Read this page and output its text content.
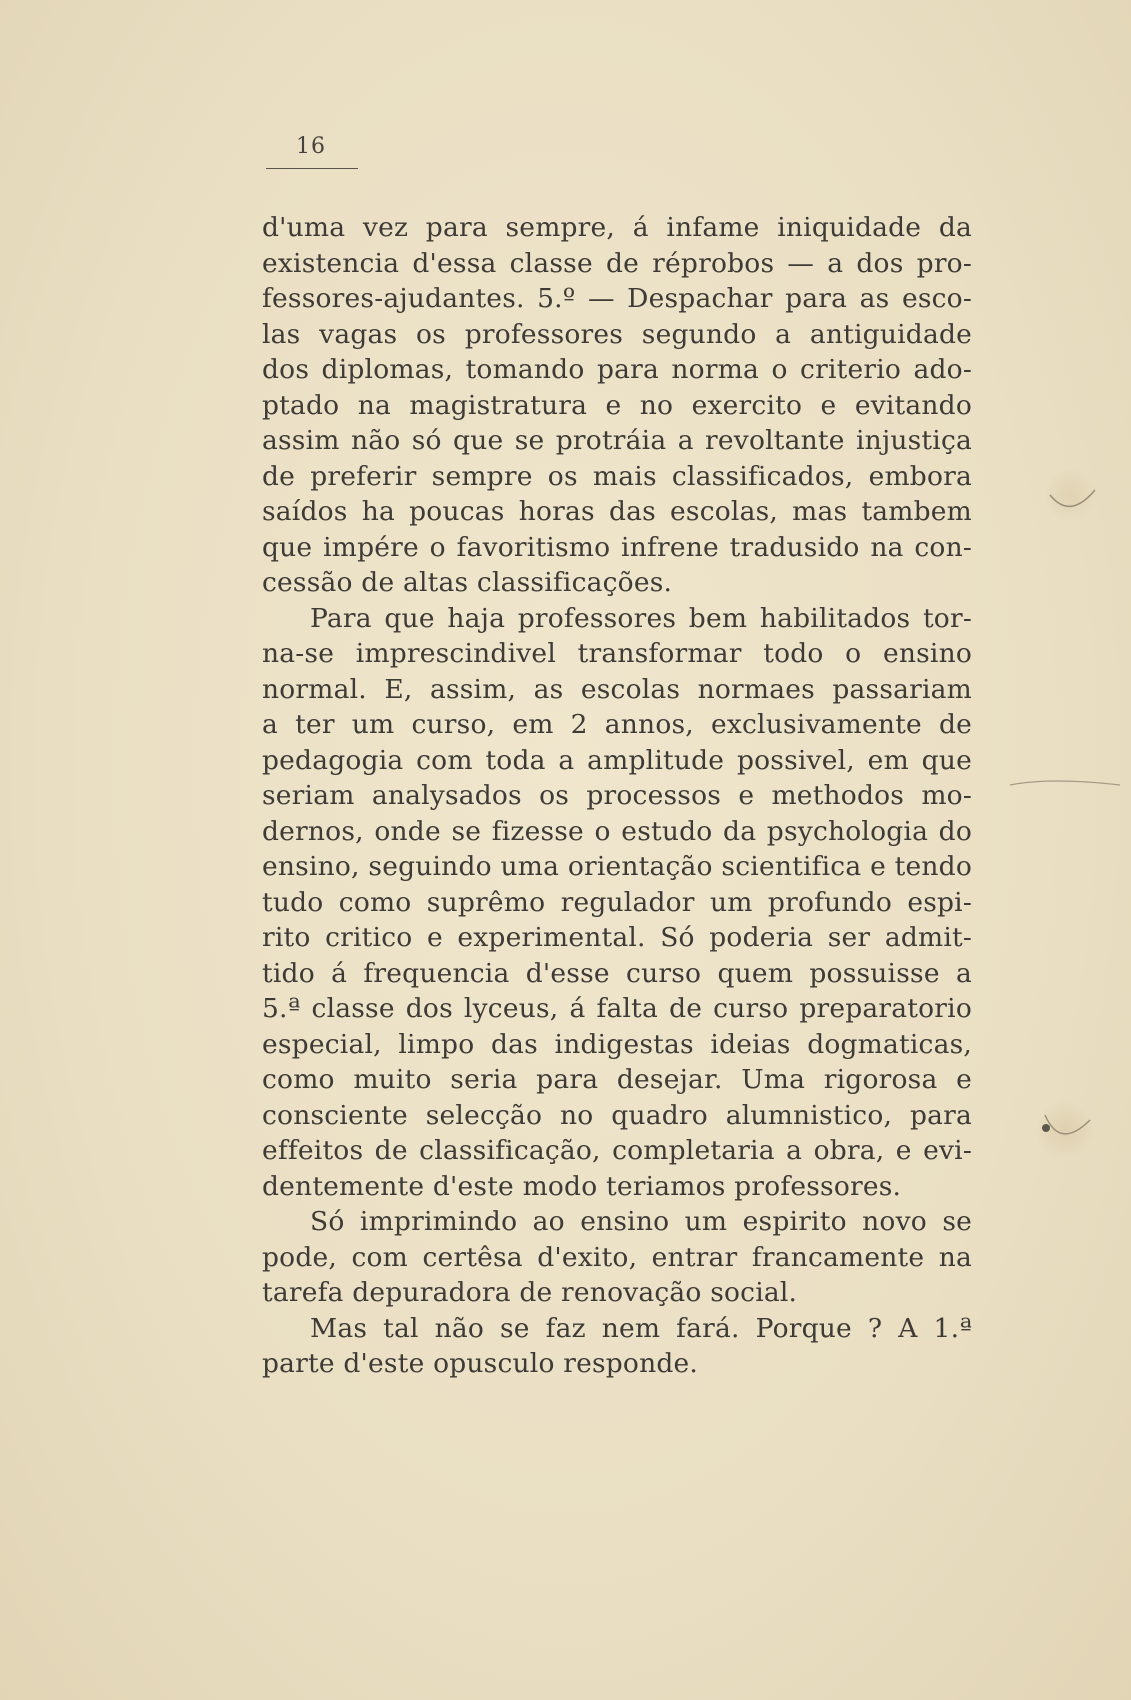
16
d'uma vez para sempre, á infame iniquidade da
existencia d'essa classe de réprobos — a dos pro-
fessores-ajudantes. 5.º — Despachar para as esco-
las vagas os professores segundo a antiguidade
dos diplomas, tomando para norma o criterio ado-
ptado na magistratura e no exercito e evitando
assim não só que se protráia a revoltante injustiça
de preferir sempre os mais classificados, embora
saídos ha poucas horas das escolas, mas tambem
que impére o favoritismo infrene tradusido na con-
cessão de altas classificações.
Para que haja professores bem habilitados tor-
na-se imprescindivel transformar todo o ensino
normal. E, assim, as escolas normaes passariam
a ter um curso, em 2 annos, exclusivamente de
pedagogia com toda a amplitude possivel, em que
seriam analysados os processos e methodos mo-
dernos, onde se fizesse o estudo da psychologia do
ensino, seguindo uma orientação scientifica e tendo
tudo como suprêmo regulador um profundo espi-
rito critico e experimental. Só poderia ser admit-
tido á frequencia d'esse curso quem possuisse a
5.ª classe dos lyceus, á falta de curso preparatorio
especial, limpo das indigestas ideias dogmaticas,
como muito seria para desejar. Uma rigorosa e
consciente selecção no quadro alumnistico, para
effeitos de classificação, completaria a obra, e evi-
dentemente d'este modo teriamos professores.
Só imprimindo ao ensino um espirito novo se
pode, com certêsa d'exito, entrar francamente na
tarefa depuradora de renovação social.
Mas tal não se faz nem fará. Porque ? A 1.ª
parte d'este opusculo responde.
